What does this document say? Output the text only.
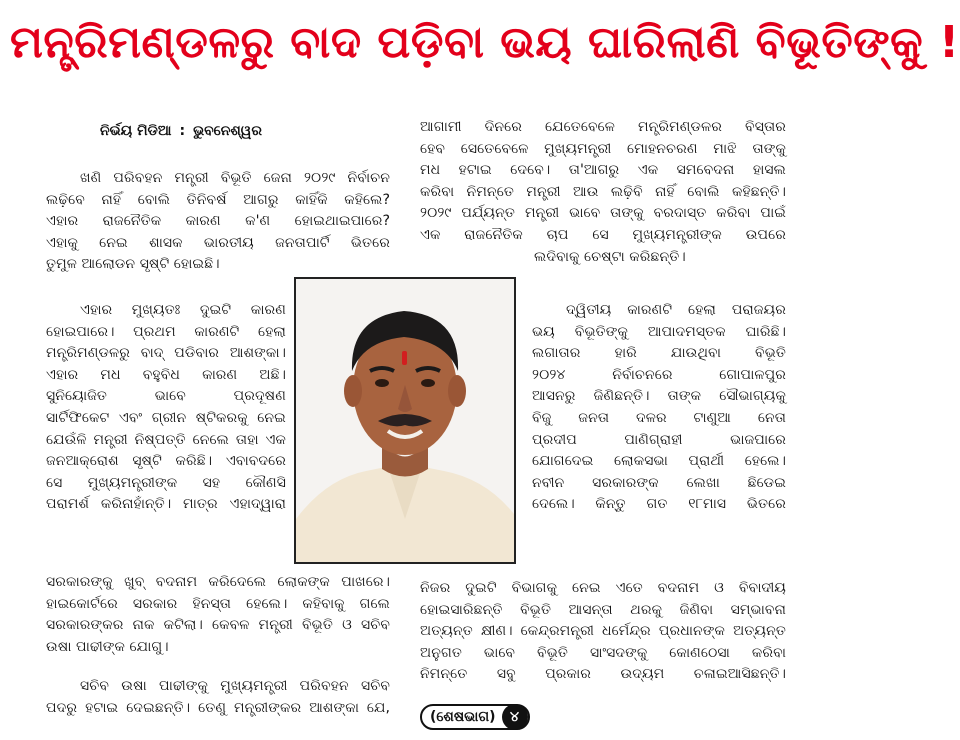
ମନ୍ତ୍ରିମଣ୍ଡଳରୁ ବାଦ ପଡ଼ିବା ଭୟ ଘାରିଲାଣି ବିଭୂତିଙ୍କୁ !
ନିର୍ଭୟ ମିଡିଆ : ଭୁବନେଶ୍ୱର
ଖଣି ପରିବହନ ମନ୍ତ୍ରୀ ବିଭୂତି ଜେନା ୨୦୨୯ ନିର୍ବାଚନ
ଲଢ଼ିବେ ନାହିଁ ବୋଲି ତିନିବର୍ଷ ଆଗରୁ କାହିଁକି କହିଲେ?
ଏହାର ରାଜନୈତିକ କାରଣ କ'ଣ ହୋଇଥାଇପାରେ?
ଏହାକୁ ନେଇ ଶାସକ ଭାରତୀୟ ଜନତାପାର୍ଟି ଭିତରେ
ତୁମୁଳ ଆଲୋଡନ ସୃଷ୍ଟି ହୋଇଛି।
ଏହାର ମୁଖ୍ୟତଃ ଦୁଇଟି କାରଣ
ହୋଇପାରେ। ପ୍ରଥମ କାରଣଟି ହେଲା
ମନ୍ତ୍ରିମଣ୍ଡଳରୁ ବାଦ୍ ପଡିବାର ଆଶଙ୍କା।
ଏହାର ମଧ ବହୁବିଧ କାରଣ ଅଛି।
ସୁନିୟୋଜିତ ଭାବେ ପ୍ରଦୂଷଣ
ସାର୍ଟିଫିକେଟ ଏବଂ ଗ୍ରୀନ ଷ୍ଟିକରକୁ ନେଇ
ଯେଉଁଳି ମନ୍ତ୍ରୀ ନିଷ୍ପତ୍ତି ନେଲେ ତାହା ଏକ
ଜନଆକ୍ରୋଶ ସୃଷ୍ଟି କରିଛି। ଏବାବଦରେ
ସେ ମୁଖ୍ୟମନ୍ତ୍ରୀଙ୍କ ସହ କୌଣସି
ପରାମର୍ଶ କରିନାହାଁନ୍ତି। ମାତ୍ର ଏହାଦ୍ୱାରା
ସରକାରଙ୍କୁ ଖୁବ୍ ବଦନାମ କରିଦେଲେ ଲୋକଙ୍କ ପାଖରେ।
ହାଇକୋର୍ଟରେ ସରକାର ହିନସ୍ତା ହେଲେ। କହିବାକୁ ଗଲେ
ସରକାରଙ୍କର ନାକ କଟିଲା। କେବଳ ମନ୍ତ୍ରୀ ବିଭୂତି ଓ ସଚିବ
ଉଷା ପାଢୀଙ୍କ ଯୋଗୁ।
ସଚିବ ଉଷା ପାଢୀଙ୍କୁ ମୁଖ୍ୟମନ୍ତ୍ରୀ ପରିବହନ ସଚିବ
ପଦରୁ ହଟାଇ ଦେଇଛନ୍ତି। ତେଣୁ ମନ୍ତ୍ରୀଙ୍କର ଆଶଙ୍କା ଯେ,
ଆଗାମୀ ଦିନରେ ଯେତେବେଳେ ମନ୍ତ୍ରିମଣ୍ଡଳର ବିସ୍ତାର
ହେବ ସେତେବେଳେ ମୁଖ୍ୟମନ୍ତ୍ରୀ ମୋହନଚରଣ ମାଝି ତାଙ୍କୁ
ମଧ ହଟାଇ ଦେବେ। ତା'ଆଗରୁ ଏକ ସମବେଦନା ହାସଲ
କରିବା ନିମନ୍ତେ ମନ୍ତ୍ରୀ ଆଉ ଲଢ଼ିବି ନାହିଁ ବୋଲି କହିଛନ୍ତି।
୨୦୨୯ ପର୍ଯ୍ୟନ୍ତ ମନ୍ତ୍ରୀ ଭାବେ ତାଙ୍କୁ ବରଦାସ୍ତ କରିବା ପାଇଁ
ଏକ ରାଜନୈତିକ ଚାପ ସେ ମୁଖ୍ୟମନ୍ତ୍ରୀଙ୍କ ଉପରେ
ଲଦିବାକୁ ଚେଷ୍ଟା କରିଛନ୍ତି।
ଦ୍ୱିତୀୟ କାରଣଟି ହେଲା ପରାଜୟର
ଭୟ ବିଭୂତିଙ୍କୁ ଆପାଦମସ୍ତକ ଘାରିଛି।
ଲଗାତାର ହାରି ଯାଉଥିବା ବିଭୂତି
୨୦୨୪ ନିର୍ବାଚନରେ ଗୋପାଳପୁର
ଆସନରୁ ଜିଣିଛନ୍ତି। ତାଙ୍କ ସୌଭାଗ୍ୟକୁ
ବିଜୁ ଜନତା ଦଳର ଟାଣୁଆ ନେତା
ପ୍ରଦୀପ ପାଣିଗ୍ରାହୀ ଭାଜପାରେ
ଯୋଗଦେଇ ଲୋକସଭା ପ୍ରାର୍ଥୀ ହେଲେ।
ନବୀନ ସରକାରଙ୍କ ଲେଖା ଛିଡେଇ
ଦେଲେ। କିନ୍ତୁ ଗତ ୧୮ମାସ ଭିତରେ
ନିଜର ଦୁଇଟି ବିଭାଗକୁ ନେଇ ଏତେ ବଦନାମ ଓ ବିବାଦୀୟ
ହୋଇସାରିଛନ୍ତି ବିଭୂତି ଆସନ୍ତା ଥରକୁ ଜିଣିବା ସମ୍ଭାବନା
ଅତ୍ୟନ୍ତ କ୍ଷୀଣ। କେନ୍ଦ୍ରମନ୍ତ୍ରୀ ଧର୍ମେନ୍ଦ୍ର ପ୍ରଧାନଙ୍କ ଅତ୍ୟନ୍ତ
ଅନୁଗତ ଭାବେ ବିଭୂତି ସାଂସଦଙ୍କୁ କୋଣଠେସା କରିବା
ନିମନ୍ତେ ସବୁ ପ୍ରକାର ଉଦ୍ୟମ ଚଳାଇଆସିଛନ୍ତି।
( ଶେଷଭାଗ )	୪
